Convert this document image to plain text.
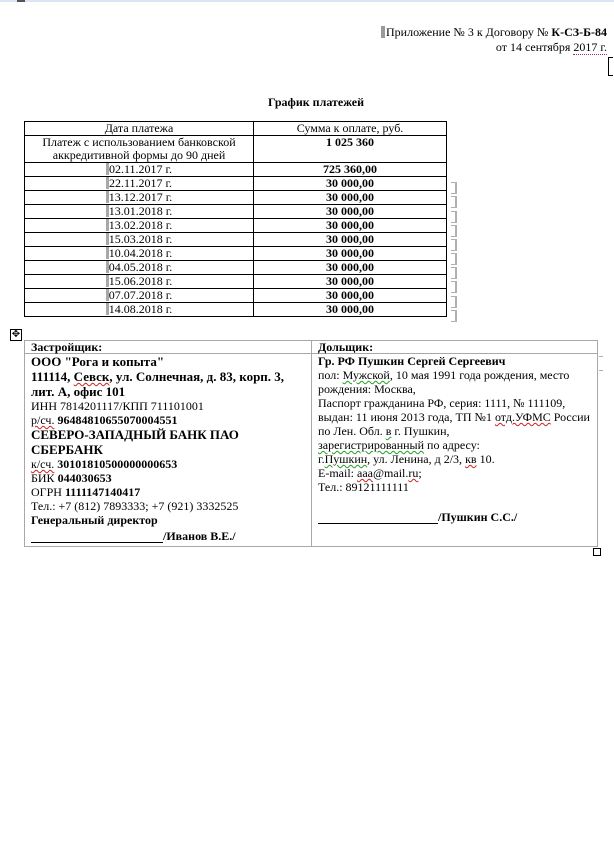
Приложение № 3 к Договору № К-СЗ-Б-84
от 14 сентября 2017 г.
График платежей
Дата платежа	Сумма к оплате, руб.
Платеж с использованием банковской аккредитивной формы до 90 дней	1 025 360
02.11.2017 г.	725 360,00
22.11.2017 г.	30 000,00
13.12.2017 г.	30 000,00
13.01.2018 г.	30 000,00
13.02.2018 г.	30 000,00
15.03.2018 г.	30 000,00
10.04.2018 г.	30 000,00
04.05.2018 г.	30 000,00
15.06.2018 г.	30 000,00
07.07.2018 г.	30 000,00
14.08.2018 г.	30 000,00
✥
Застройщик:	Дольщик:

ООО "Рога и копыта"
111114, Севск, ул. Солнечная, д. 83, корп. 3, лит. А, офис 101
ИНН 7814201117/КПП 711101001
р/сч. 96484810655070004551
СЕВЕРО-ЗАПАДНЫЙ БАНК ПАО СБЕРБАНК
к/сч. 30101810500000000653
БИК 044030653
ОГРН 1111147140417
Тел.: +7 (812) 7893333; +7 (921) 3332525
Генеральный директор
/Иванов В.Е./

Гр. РФ Пушкин Сергей Сергеевич
пол: Мужской, 10 мая 1991 года рождения, место рождения: Москва,
Паспорт гражданина РФ, серия: 1111, № 111109,
выдан: 11 июня 2013 года, ТП №1 отд.УФМС России
по Лен. Обл. в г. Пушкин,
зарегистрированный по адресу:
г.Пушкин, ул. Ленина, д 2/3, кв 10.
E-mail: aaa@mail.ru;
Тел.: 89121111111
/Пушкин С.С./
